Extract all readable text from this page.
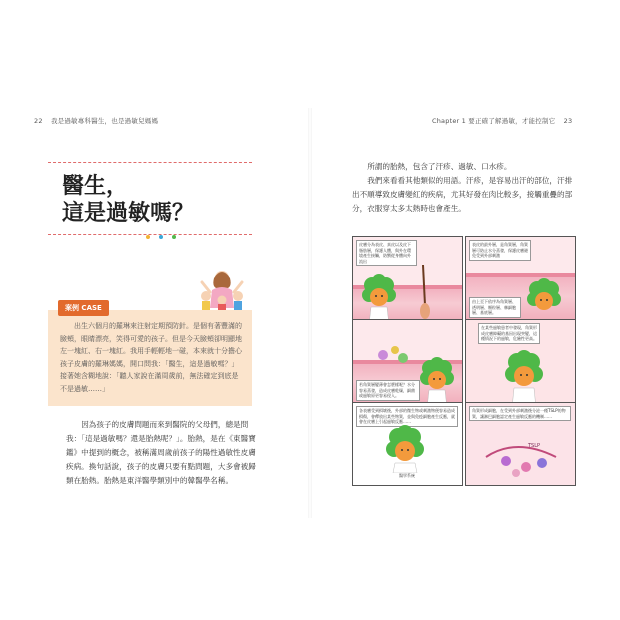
22 我是過敏專科醫生，也是過敏兒媽媽	Chapter 1 要正確了解過敏，才能控制它 23
醫生，
這是過敏嗎？
案例 CASE

出生六個月的羅琳來注射定期預防針。是個有著豐滿的臉頰，眼睛漂亮，笑得可愛的孩子。但是今天臉頰卻明顯地左一塊紅、右一塊紅。我用手輕輕地一碰，本來就十分擔心孩子皮膚的羅琳媽媽，開口問我：「醫生，這是過敏嗎？」接著她含糊地說：「聽人家說在滿周歲前，無法確定到底是不是過敏……」

因為孩子的皮膚問題而來到醫院的父母們，總是問我：「這是過敏嗎？還是胎熱呢？」。胎熱，是在《東醫寶鑑》中提到的概念，被稱滿周歲前孩子的陽性過敏性皮膚疾病。換句話說，孩子的皮膚只要有點問題，大多會被歸類在胎熱。胎熱是東洋醫學類別中的韓醫學名稱。

所謂的胎熱，包含了汗疹、過敏、口水疹。

我們來看看其他類似的用語。汗疹，是容易出汗的部位，汗排出不順導致皮膚變紅的疾病，尤其好發在肉比較多，接觸重疊的部分，衣服穿太多太熱時也會產生。

皮膚分為表皮、真皮以及皮下脂肪層，保護人體，與外在環境產生接觸，防禦從身體向外流出
表皮的最外層，是角質層，角質層可防止水分蒸發，保護皮膚避免受到外部刺激
由上至下依序為角質層、透明層、顆粒層、棘細胞層、基底層。
若角質層變薄會怎麼樣呢？水分容易蒸發，造成皮膚乾燥，細菌或過敏原更容易侵入。
在某些過敏患者中發現，角質形成皮膚障礙的基因出現突變，這種情況下的過敏，危險性更高。
各表膚受到損壞後，外部的微生物或刺激物便容易造成損傷，會釋放出某些物質，並與免疫細胞產生反應，就會在皮膚上引起過敏反應……
醫學系統
角質形成細胞，在受到外部刺激後分泌一種TSLP的物質，讓淋巴細胞認定產生過敏反應的機制……
TSLP
